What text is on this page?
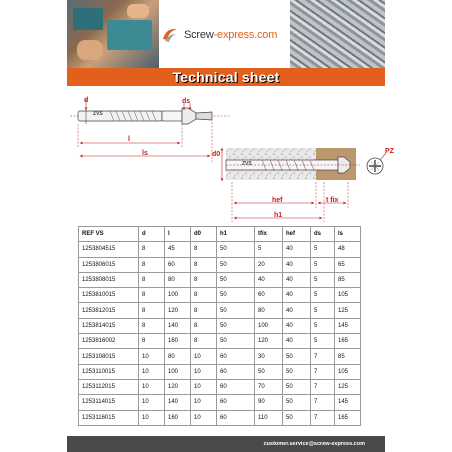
Screw-express.com
Technical sheet
ZVS
d	ds
l
ls
ZVS
d0	PZ
hef	t fix
h1
REF VS	d	l	d0	h1	tfix	hef	ds	ls
1253804515	8	45	8	50	5	40	5	48
1253806015	8	60	8	50	20	40	5	65
1253808015	8	80	8	50	40	40	5	85
1253810015	8	100	8	50	60	40	5	105
1253812015	8	120	8	50	80	40	5	125
1253814015	8	140	8	50	100	40	5	145
1253816002	8	160	8	50	120	40	5	165
1253108015	10	80	10	60	30	50	7	85
1253110015	10	100	10	60	50	50	7	105
1253112015	10	120	10	60	70	50	7	125
1253114015	10	140	10	60	90	50	7	145
1253116015	10	160	10	60	110	50	7	165
customer.service@screw-express.com
